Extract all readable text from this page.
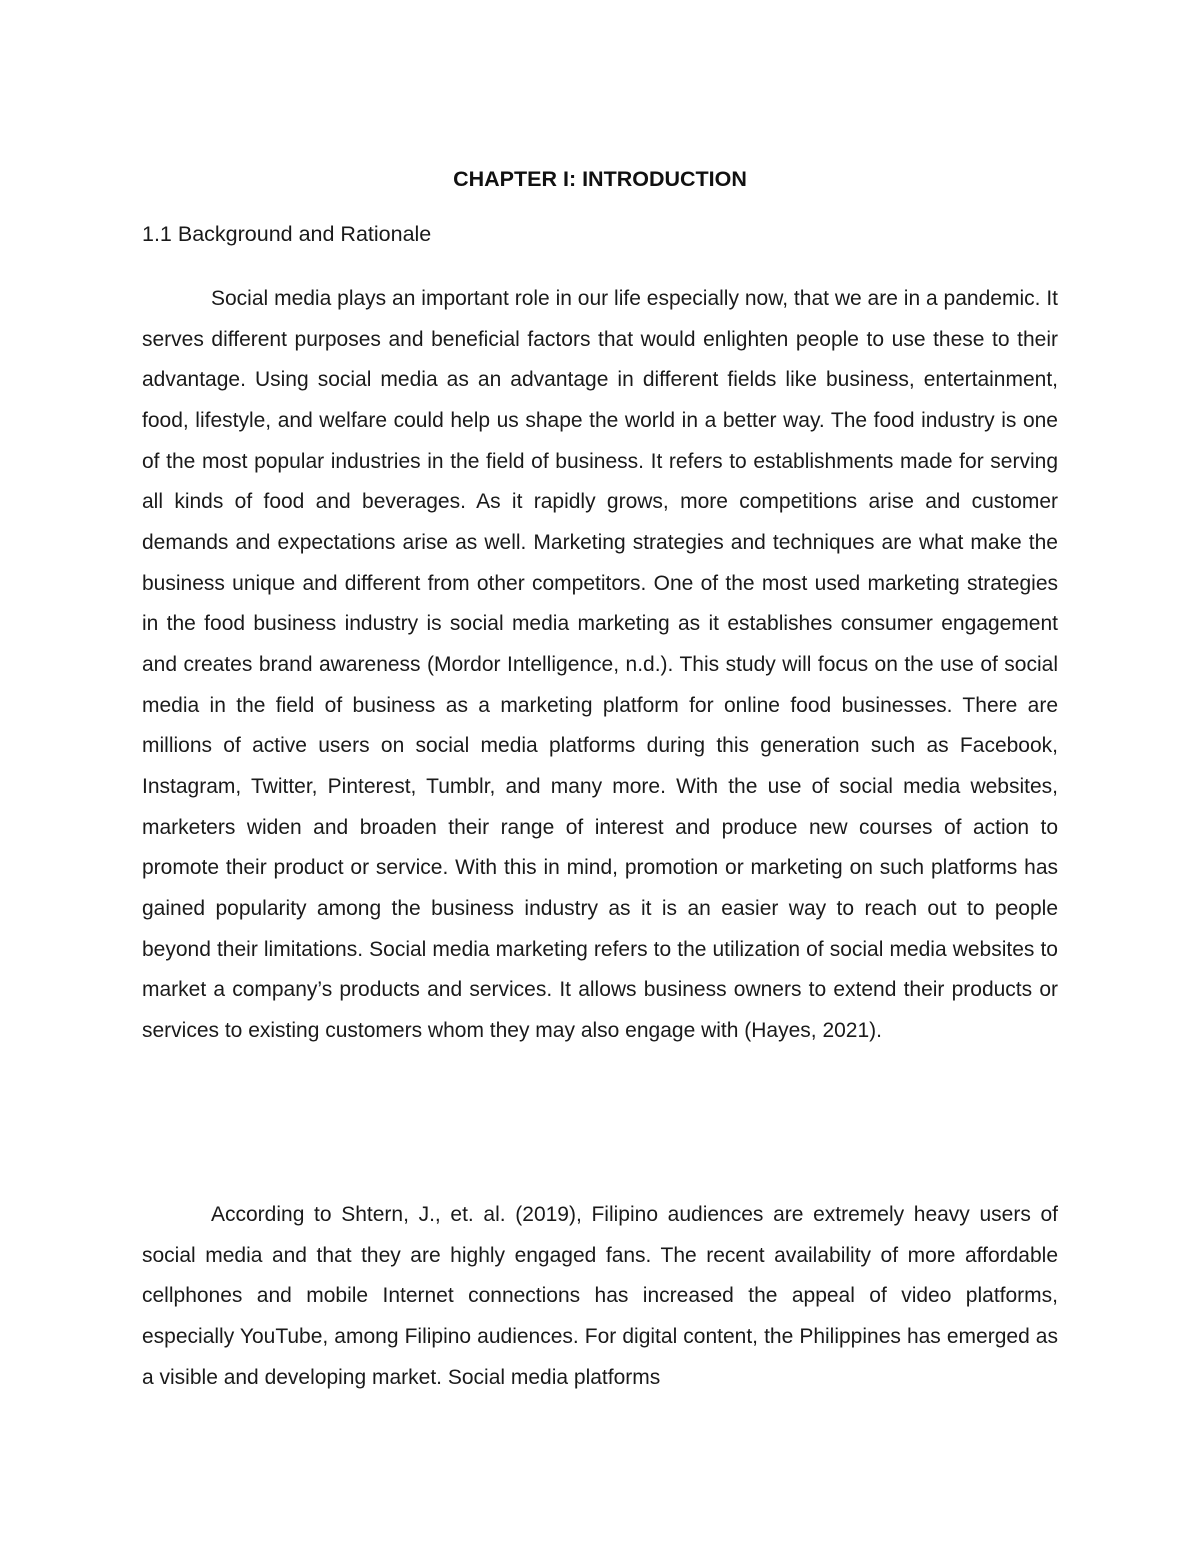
CHAPTER I: INTRODUCTION
1.1 Background and Rationale

Social media plays an important role in our life especially now, that we are in a pandemic. It serves different purposes and beneficial factors that would enlighten people to use these to their advantage. Using social media as an advantage in different fields like business, entertainment, food, lifestyle, and welfare could help us shape the world in a better way. The food industry is one of the most popular industries in the field of business. It refers to establishments made for serving all kinds of food and beverages. As it rapidly grows, more competitions arise and customer demands and expectations arise as well. Marketing strategies and techniques are what make the business unique and different from other competitors. One of the most used marketing strategies in the food business industry is social media marketing as it establishes consumer engagement and creates brand awareness (Mordor Intelligence, n.d.). This study will focus on the use of social media in the field of business as a marketing platform for online food businesses. There are millions of active users on social media platforms during this generation such as Facebook, Instagram, Twitter, Pinterest, Tumblr, and many more. With the use of social media websites, marketers widen and broaden their range of interest and produce new courses of action to promote their product or service. With this in mind, promotion or marketing on such platforms has gained popularity among the business industry as it is an easier way to reach out to people beyond their limitations. Social media marketing refers to the utilization of social media websites to market a company’s products and services. It allows business owners to extend their products or services to existing customers whom they may also engage with (Hayes, 2021).

According to Shtern, J., et. al. (2019), Filipino audiences are extremely heavy users of social media and that they are highly engaged fans. The recent availability of more affordable cellphones and mobile Internet connections has increased the appeal of video platforms, especially YouTube, among Filipino audiences. For digital content, the Philippines has emerged as a visible and developing market. Social media platforms
